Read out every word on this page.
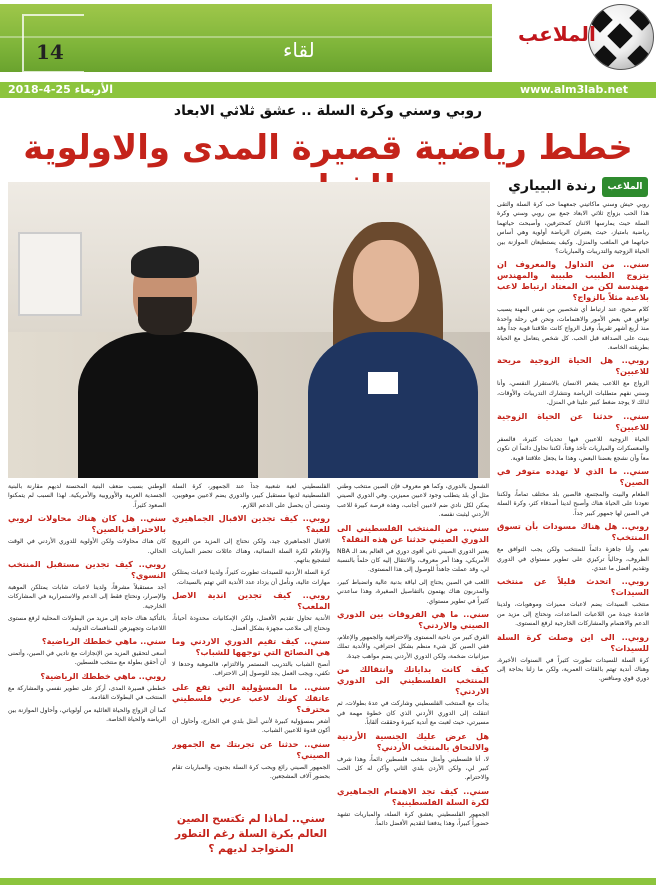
14	لقاء
الملاعب
الأربعاء 25-4-2018	www.alm3lab.net
روبي وسني وكرة السلة .. عشق ثلاثي الابعاد
خطط رياضية قصيرة المدى والاولوية
الملاعب
رندة البيياري

روبي حيش وسني ماكاتيني جمعهما حب كرة السلة والتقى هذا الحب بزواج ثلاثي الابعاد جمع بين روبي وسني وكرة السلة حيث يمارسها الاثنان كمحترفين، وأصبحت حياتهما رياضية بامتياز، حيث يعتبران الرياضة أولوية وهي أساس حياتهما في الملعب والمنزل. وكيف يستطيعان الموازنة بين الحياة الزوجية والتدريبات والمباريات؟

سني.. من التداول والمعروف ان يتزوج الطبيب طبيبة والمهندس مهندسة لكن من المعتاد ارتباط لاعب بلاعبة مثلاً بالزواج؟

كلام صحيح، عند ارتباط أي شخصين من نفس المهنة يسبب توافق في بعض الأمور والاهتمامات، ونحن في رحلة واحدة منذ أربع أشهر تقريباً، وقبل الزواج كانت علاقتنا قوية جداً وقد بنيت على الصداقة قبل الحب. كل شخص يتعامل مع الحياة بطريقته الخاصة.

روبي.. هل الحياة الزوجية مريحة للاعبين؟

الزواج مع اللاعب يشعر الانسان بالاستقرار النفسي، وأنا وسني نفهم متطلبات الرياضة ونتشارك التدريبات والأوقات، لذلك لا يوجد ضغط كبير علينا في المنزل.

سني.. حدثنا عن الحياة الزوجية للاعبين؟

الحياة الزوجية للاعبين فيها تحديات كثيرة، فالسفر والمعسكرات والمباريات تأخذ وقتاً، لكننا نحاول دائماً ان نكون معاً وأن نشجع بعضنا البعض، وهذا ما يجعل علاقتنا قوية.

سني.. ما الذي لا تهدده متوفر في الصين؟

الطعام والبيت والمجتمع، فالصين بلد مختلف تماماً، ولكننا تعودنا على الحياة هناك وأصبح لدينا أصدقاء كثر، وكرة السلة في الصين لها جمهور كبير جداً.

روبي.. هل هناك مسودات بأن تسوق المنتخب؟

نعم، وأنا جاهزة دائماً للمنتخب ولكن يجب التوافق مع الظروف، وحالياً تركيزي على تطوير مستواي في الدوري وتقديم أفضل ما عندي.

روبي.. اتحدث قليلاً عن منتخب السيدات؟

منتخب السيدات يضم لاعبات مميزات وموهوبات، ولدينا قاعدة جيدة من اللاعبات الصاعدات، ونحتاج إلى مزيد من الدعم والاهتمام والمشاركات الخارجية لرفع المستوى.

روبي.. الى اين وصلت كرة السلة للسيدات؟

كرة السلة للسيدات تطورت كثيراً في السنوات الأخيرة، وهناك أندية تهتم بالفئات العمرية، ولكن ما زلنا بحاجة إلى دوري قوي ومنافس.

الشمول بالدوري، وكما هو معروف فإن الصين منتخب وطني مثل أي بلد يتطلب وجود لاعبين مميزين. وفي الدوري الصيني يمكن لكل نادي ضم لاعبين أجانب، وهذه فرصة كبيرة للاعب الأردني ليثبت نفسه.

سني.. من المنتخب الفلسطيني الى الدوري الصيني حدثنا عن هذه النقلة؟

يعتبر الدوري الصيني ثاني أقوى دوري في العالم بعد الـ NBA الأمريكي، وهذا أمر معروف، والانتقال إليه كان حلماً بالنسبة لي، وقد عملت جاهداً للوصول إلى هذا المستوى.

اللعب في الصين يحتاج إلى لياقة بدنية عالية وانضباط كبير، والمدربون هناك يهتمون بالتفاصيل الصغيرة، وهذا ساعدني كثيراً في تطوير مستواي.

سني.. ما هي الفروقات بين الدوري الصيني والاردني؟

الفرق كبير من ناحية المستوى والاحترافية والجمهور والإعلام، ففي الصين كل شيء منظم بشكل احترافي، والأندية تملك ميزانيات ضخمة، ولكن الدوري الأردني يضم مواهب جيدة.

كيف كانت بداياتك وانتقالك من المنتخب الفلسطيني الى الدوري الاردني؟

بدأت مع المنتخب الفلسطيني وشاركت في عدة بطولات، ثم انتقلت إلى الدوري الأردني الذي كان خطوة مهمة في مسيرتي، حيث لعبت مع أندية كبيرة وحققت ألقاباً.

هل عرض عليك الجنسية الأردنية والالتحاق بالمنتخب الأردني؟

لا، أنا فلسطيني وأمثل منتخب فلسطين دائماً، وهذا شرف كبير لي، ولكن الأردن بلدي الثاني وأكن له كل الحب والاحترام.

سني.. كيف تجد الاهتمام الجماهيري لكرة السلة الفلسطينية؟

الجمهور الفلسطيني يعشق كرة السلة، والمباريات تشهد حضوراً كبيراً، وهذا يدفعنا لتقديم الأفضل دائماً.

الفلسطيني لعبة شعبية جداً عند الجمهور، كرة السلة الفلسطينية لديها مستقبل كبير، والدوري يضم لاعبين موهوبين، ونتمنى أن يحصل على الدعم اللازم.

روبي.. كيف تجدين الاقبال الجماهيري للعبة؟

الاقبال الجماهيري جيد، ولكن نحتاج إلى المزيد من الترويج والإعلام لكرة السلة النسائية، وهناك عائلات تحضر المباريات لتشجيع بناتهم.

كرة السلة الأردنية للسيدات تطورت كثيراً، ولدينا لاعبات يمتلكن مهارات عالية، ونأمل أن يزداد عدد الأندية التي تهتم بالسيدات.

روبي.. كيف تجدين اندية الاصل الملعب؟

الأندية تحاول تقديم الأفضل، ولكن الإمكانيات محدودة أحياناً، ونحتاج إلى ملاعب مجهزة بشكل أفضل.

سني.. كيف تقيم الدوري الاردني وما هي النصائح التي توجهها للشباب؟

أنصح الشباب بالتدريب المستمر والالتزام، فالموهبة وحدها لا تكفي، ويجب العمل بجد للوصول إلى الاحتراف.

سني.. ما المسؤولية التي تقع على عاتقك كونك لاعب عربي فلسطيني محترف؟

أشعر بمسؤولية كبيرة لأنني أمثل بلدي في الخارج، وأحاول أن أكون قدوة للاعبين الشباب.

سني.. حدثنا عن تجربتك مع الجمهور الصيني؟

الجمهور الصيني رائع ويحب كرة السلة بجنون، والمباريات تقام بحضور آلاف المشجعين.

الوطني بسبب ضعف البنية المحسنة لديهم مقارنة بالبنية الجسدية العربية والأوروبية والأمريكية. لهذا السبب لم يتمكنوا الصعود كثيراً.

سني.. هل كان هناك محاولات لروبي بالاحتراف بالصين؟

كان هناك محاولات ولكن الأولوية للدوري الأردني في الوقت الحالي.

روبي.. كيف تجدين مستقبل المنتخب النسوي؟

أجد مستقبلاً مشرقاً، ولدينا لاعبات شابات يمتلكن الموهبة والإصرار، ونحتاج فقط إلى الدعم والاستمرارية في المشاركات الخارجية.

بالتأكيد هناك حاجة إلى مزيد من البطولات المحلية لرفع مستوى اللاعبات وتجهيزهن للمنافسات الدولية.

سني.. ماهي خططك الرياضية؟

أسعى لتحقيق المزيد من الإنجازات مع ناديي في الصين، وأتمنى أن أحقق بطولة مع منتخب فلسطين.

روبي.. ماهي خططك الرياضية؟

خططي قصيرة المدى، أركز على تطوير نفسي والمشاركة مع المنتخب في البطولات القادمة.

كما أن الزواج والحياة العائلية من أولوياتي، وأحاول الموازنة بين الرياضة والحياة الخاصة.

سني.. لماذا لم تكتسح الصين العالم بكرة السلة رغم التطور المتواجد لديهم ؟
